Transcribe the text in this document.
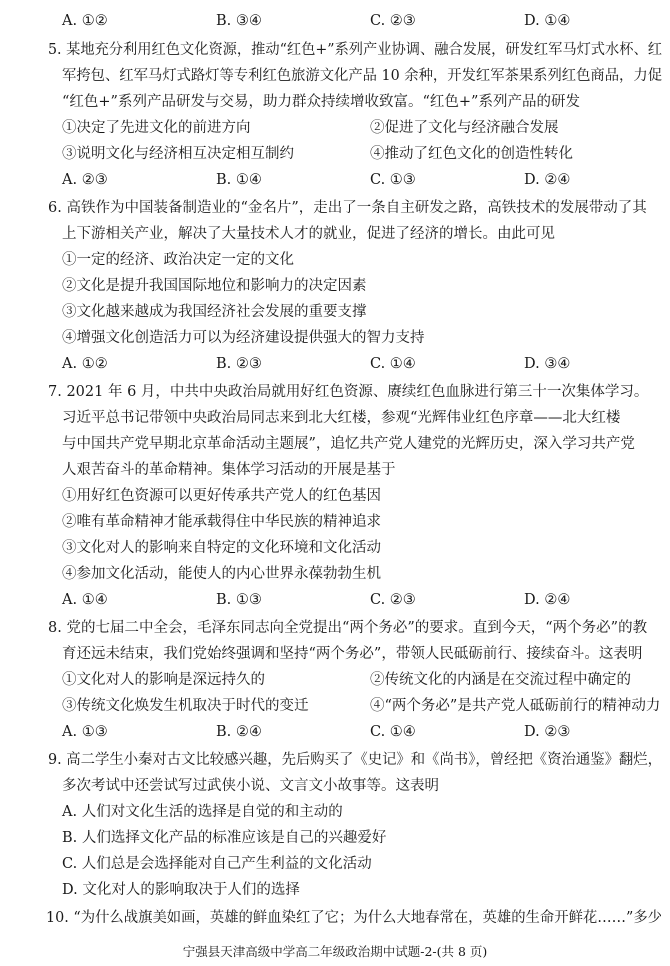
A. ①②	B. ③④	C. ②③	D. ①④
5. 某地充分利用红色文化资源，推动“红色+”系列产业协调、融合发展，研发红军马灯式水杯、红
军挎包、红军马灯式路灯等专利红色旅游文化产品 10 余种，开发红军茶果系列红色商品，力促
“红色+”系列产品研发与交易，助力群众持续增收致富。“红色+”系列产品的研发
①决定了先进文化的前进方向	②促进了文化与经济融合发展
③说明文化与经济相互决定相互制约	④推动了红色文化的创造性转化
A. ②③	B. ①④	C. ①③	D. ②④
6. 高铁作为中国装备制造业的“金名片”，走出了一条自主研发之路，高铁技术的发展带动了其
上下游相关产业，解决了大量技术人才的就业，促进了经济的增长。由此可见
①一定的经济、政治决定一定的文化
②文化是提升我国国际地位和影响力的决定因素
③文化越来越成为我国经济社会发展的重要支撑
④增强文化创造活力可以为经济建设提供强大的智力支持
A. ①②	B. ②③	C. ①④	D. ③④
7. 2021 年 6 月，中共中央政治局就用好红色资源、赓续红色血脉进行第三十一次集体学习。
习近平总书记带领中央政治局同志来到北大红楼，参观“光辉伟业红色序章——北大红楼
与中国共产党早期北京革命活动主题展”，追忆共产党人建党的光辉历史，深入学习共产党
人艰苦奋斗的革命精神。集体学习活动的开展是基于
①用好红色资源可以更好传承共产党人的红色基因
②唯有革命精神才能承载得住中华民族的精神追求
③文化对人的影响来自特定的文化环境和文化活动
④参加文化活动，能使人的内心世界永葆勃勃生机
A. ①④	B. ①③	C. ②③	D. ②④
8. 党的七届二中全会，毛泽东同志向全党提出“两个务必”的要求。直到今天，“两个务必”的教
育还远未结束，我们党始终强调和坚持“两个务必”，带领人民砥砺前行、接续奋斗。这表明
①文化对人的影响是深远持久的	②传统文化的内涵是在交流过程中确定的
③传统文化焕发生机取决于时代的变迁	④“两个务必”是共产党人砥砺前行的精神动力
A. ①③	B. ②④	C. ①④	D. ②③
9. 高二学生小秦对古文比较感兴趣，先后购买了《史记》和《尚书》，曾经把《资治通鉴》翻烂，
多次考试中还尝试写过武侠小说、文言文小故事等。这表明
A. 人们对文化生活的选择是自觉的和主动的
B. 人们选择文化产品的标准应该是自己的兴趣爱好
C. 人们总是会选择能对自己产生利益的文化活动
D. 文化对人的影响取决于人们的选择
10. “为什么战旗美如画，英雄的鲜血染红了它；为什么大地春常在，英雄的生命开鲜花……”多少
宁强县天津高级中学高二年级政治期中试题-2-(共 8 页)
